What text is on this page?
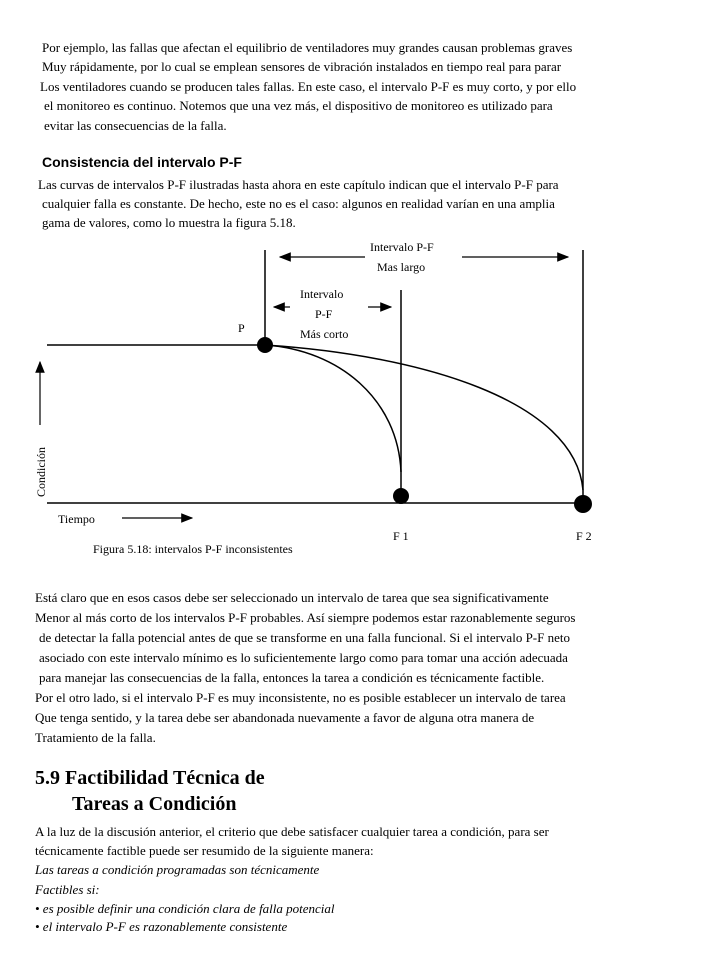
Por ejemplo, las fallas que afectan el equilibrio de ventiladores muy grandes causan problemas graves
Muy rápidamente, por lo cual se emplean sensores de vibración instalados en tiempo real para parar
Los ventiladores cuando se producen tales fallas. En este caso, el intervalo P-F es muy corto, y por ello
el monitoreo es continuo. Notemos que una vez más, el dispositivo de monitoreo es utilizado para
evitar las consecuencias de la falla.
Consistencia del intervalo P-F
Las curvas de intervalos P-F ilustradas hasta ahora en este capítulo indican que el intervalo P-F para
cualquier falla es constante. De hecho, este no es el caso: algunos en realidad varían en una amplia
gama de valores, como lo muestra la figura 5.18.
Intervalo P-F
Mas largo
Intervalo
P-F
Más corto
P
Condición
Tiempo
F 1	F 2
Figura 5.18: intervalos P-F inconsistentes
Está claro que en esos casos debe ser seleccionado un intervalo de tarea que sea significativamente
Menor al más corto de los intervalos P-F probables. Así siempre podemos estar razonablemente seguros
de detectar la falla potencial antes de que se transforme en una falla funcional. Si el intervalo P-F neto
asociado con este intervalo mínimo es lo suficientemente largo como para tomar una acción adecuada
para manejar las consecuencias de la falla, entonces la tarea a condición es técnicamente factible.
Por el otro lado, si el intervalo P-F es muy inconsistente, no es posible establecer un intervalo de tarea
Que tenga sentido, y la tarea debe ser abandonada nuevamente a favor de alguna otra manera de
Tratamiento de la falla.
5.9 Factibilidad Técnica de
Tareas a Condición
A la luz de la discusión anterior, el criterio que debe satisfacer cualquier tarea a condición, para ser
técnicamente factible puede ser resumido de la siguiente manera:
Las tareas a condición programadas son técnicamente
Factibles si:
• es posible definir una condición clara de falla potencial
• el intervalo P-F es razonablemente consistente
